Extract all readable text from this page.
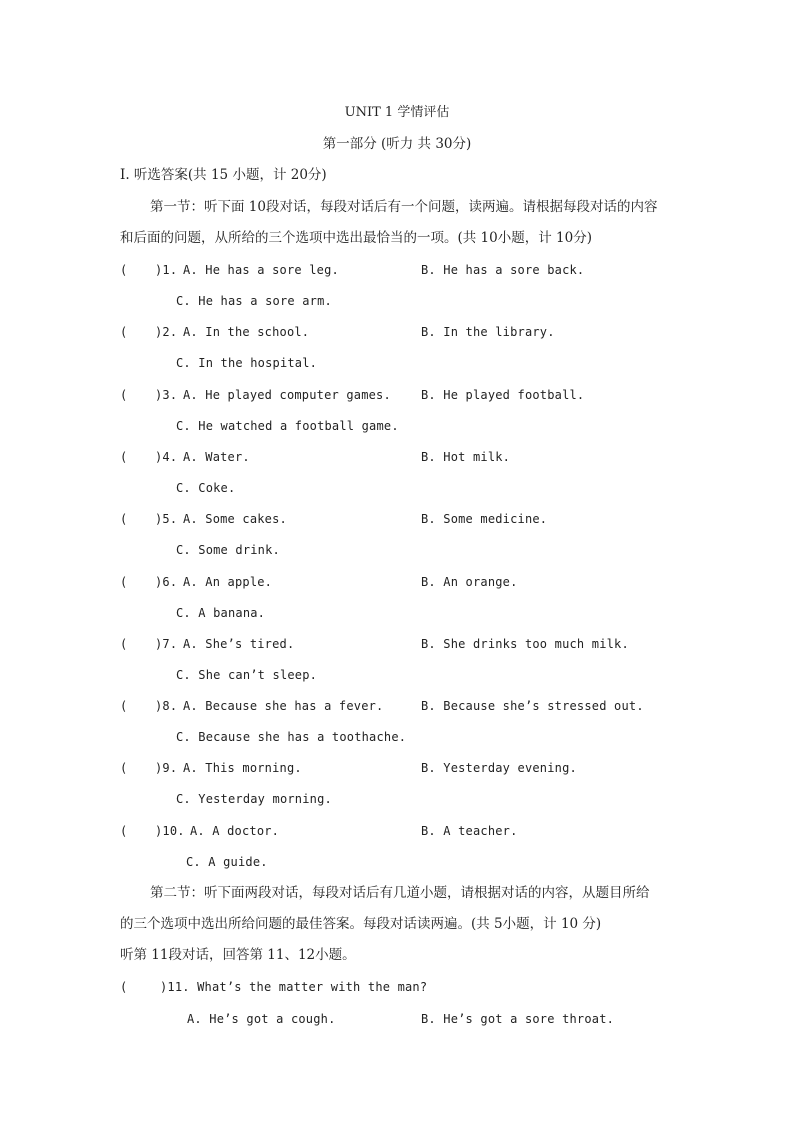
UNIT 1 学情评估
第一部分 (听力 共 30分)
Ⅰ. 听选答案(共 15 小题，计 20分)
第一节：听下面 10段对话，每段对话后有一个问题，读两遍。请根据每段对话的内容
和后面的问题，从所给的三个选项中选出最恰当的一项。(共 10小题，计 10分)
( )1. A. He has a sore leg.	B. He has a sore back.
C. He has a sore arm.
( )2. A. In the school.	B. In the library.
C. In the hospital.
( )3. A. He played computer games.	B. He played football.
C. He watched a football game.
( )4. A. Water.	B. Hot milk.
C. Coke.
( )5. A. Some cakes.	B. Some medicine.
C. Some drink.
( )6. A. An apple.	B. An orange.
C. A banana.
( )7. A. She’s tired.	B. She drinks too much milk.
C. She can’t sleep.
( )8. A. Because she has a fever.	B. Because she’s stressed out.
C. Because she has a toothache.
( )9. A. This morning.	B. Yesterday evening.
C. Yesterday morning.
( )10. A. A doctor.	B. A teacher.
C. A guide.
第二节：听下面两段对话，每段对话后有几道小题，请根据对话的内容，从题目所给
的三个选项中选出所给问题的最佳答案。每段对话读两遍。(共 5小题，计 10 分)
听第 11段对话，回答第 11、12小题。
(	)11. What’s the matter with the man?
A. He’s got a cough.	B. He’s got a sore throat.
